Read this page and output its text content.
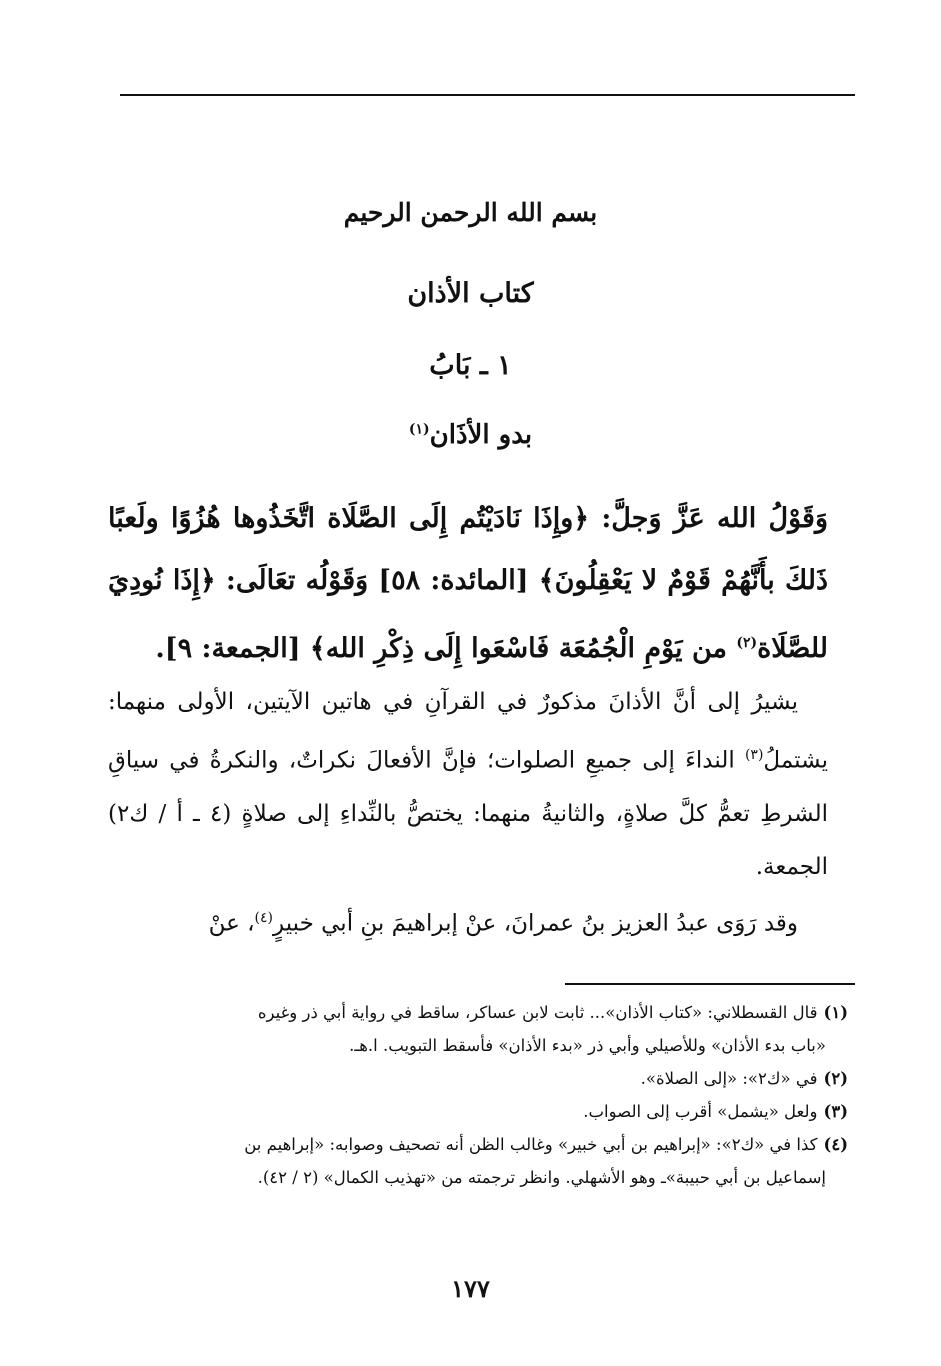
بسم الله الرحمن الرحيم
كتاب الأذان
١ ـ بَابُ
بدو الأذَان$^{(١)}$
وَقَوْلُ الله عَزَّ وَجلَّ: ﴿وإِذَا نَادَيْتُم إِلَى الصَّلَاة اتَّخَذُوها هُزُوًا ولَعبًا ذَلكَ بأَنَّهُمْ قَوْمٌ لا يَعْقِلُونَ﴾ [المائدة: ٥٨] وَقَوْلُه تعَالَى: ﴿إِذَا نُودِيَ للصَّلَاة$^{(٢)}$ من يَوْمِ الْجُمُعَة فَاسْعَوا إِلَى ذِكْرِ الله﴾ [الجمعة: ٩].
يشيرُ إلى أنَّ الأذانَ مذكورٌ في القرآنِ في هاتين الآيتين، الأولى منهما: يشتملُ$^{(٣)}$ النداءَ إلى جميعِ الصلوات؛ فإنَّ الأفعالَ نكراتٌ، والنكرةُ في سياقِ الشرطِ تعمُّ كلَّ صلاةٍ، والثانيةُ منهما: يختصُّ بالنِّداءِ إلى صلاةٍ (٤ ـ أ / ك٢) الجمعة.
وقد رَوَى عبدُ العزيز بنُ عمرانَ، عنْ إبراهيمَ بنِ أبي خبيرٍ$^{(٤)}$، عنْ

(١)قال القسطلاني: «كتاب الأذان»... ثابت لابن عساكر، ساقط في رواية أبي ذر وغيره

«باب بدء الأذان» وللأصيلي وأبي ذر «بدء الأذان» فأسقط التبويب. ا.هـ.

(٢)في «ك٢»: «إلى الصلاة».

(٣)ولعل «يشمل» أقرب إلى الصواب.

(٤)كذا في «ك٢»: «إبراهيم بن أبي خبير» وغالب الظن أنه تصحيف وصوابه: «إبراهيم بن

إسماعيل بن أبي حبيبة»ـ وهو الأشهلي. وانظر ترجمته من «تهذيب الكمال» (٢ / ٤٢).

١٧٧
